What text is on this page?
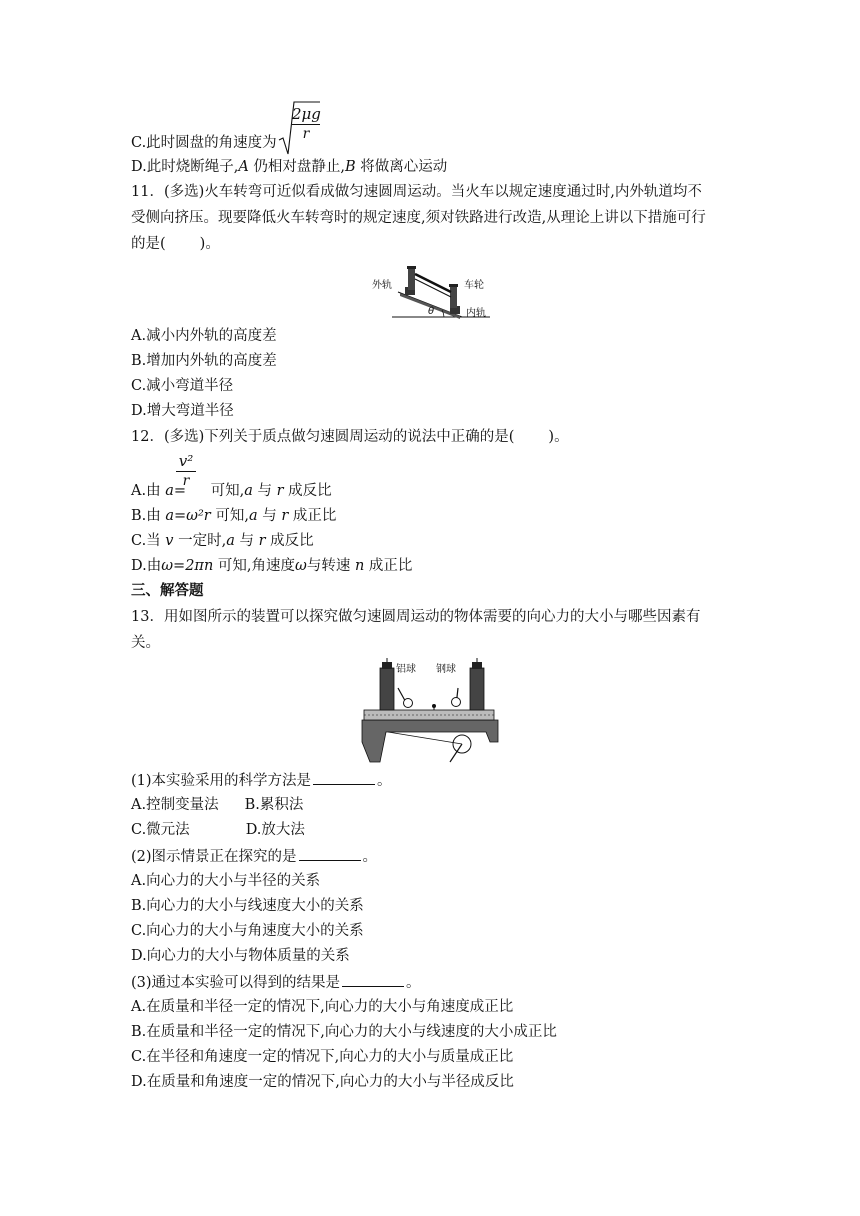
C.此时圆盘的角速度为
2μg
r
D.此时烧断绳子,A 仍相对盘静止,B 将做离心运动
11．(多选)火车转弯可近似看成做匀速圆周运动。当火车以规定速度通过时,内外轨道均不
受侧向挤压。现要降低火车转弯时的规定速度,须对铁路进行改造,从理论上讲以下措施可行
的是( )。
外轨	车轮
θ	内轨
A.减小内外轨的高度差
B.增加内外轨的高度差
C.减小弯道半径
D.增大弯道半径
12．(多选)下列关于质点做匀速圆周运动的说法中正确的是( )。
v²
r
A.由 a= 可知,a 与 r 成反比
B.由 a=ω²r 可知,a 与 r 成正比
C.当 v 一定时,a 与 r 成反比
D.由ω=2πn 可知,角速度ω与转速 n 成正比
三、解答题
13．用如图所示的装置可以探究做匀速圆周运动的物体需要的向心力的大小与哪些因素有
关。
铝球 钢球
(1)本实验采用的科学方法是	。
A.控制变量法 B.累积法
C.微元法	D.放大法
(2)图示情景正在探究的是	。
A.向心力的大小与半径的关系
B.向心力的大小与线速度大小的关系
C.向心力的大小与角速度大小的关系
D.向心力的大小与物体质量的关系
(3)通过本实验可以得到的结果是	。
A.在质量和半径一定的情况下,向心力的大小与角速度成正比
B.在质量和半径一定的情况下,向心力的大小与线速度的大小成正比
C.在半径和角速度一定的情况下,向心力的大小与质量成正比
D.在质量和角速度一定的情况下,向心力的大小与半径成反比
